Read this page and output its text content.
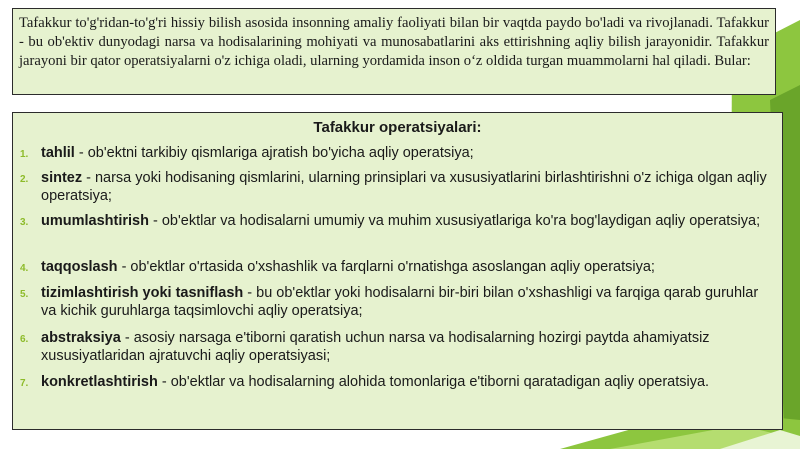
Tafakkur to'g'ridan-to'g'ri hissiy bilish asosida insonning amaliy faoliyati bilan bir vaqtda paydo bo'ladi va rivojlanadi. Tafakkur - bu ob'ektiv dunyodagi narsa va hodisalarining mohiyati va munosabatlarini aks ettirishning aqliy bilish jarayonidir. Tafakkur jarayoni bir qator operatsiyalarni o'z ichiga oladi, ularning yordamida inson o‘z oldida turgan muammolarni hal qiladi. Bular:
Tafakkur operatsiyalari:
1. tahlil - ob'ektni tarkibiy qismlariga ajratish bo'yicha aqliy operatsiya;
2. sintez - narsa yoki hodisaning qismlarini, ularning prinsiplari va xususiyatlarini birlashtirishni o'z ichiga olgan aqliy operatsiya;
3. umumlashtirish - ob'ektlar va hodisalarni umumiy va muhim xususiyatlariga ko'ra bog'laydigan aqliy operatsiya;
4. taqqoslash - ob'ektlar o'rtasida o'xshashlik va farqlarni o'rnatishga asoslangan aqliy operatsiya;
5. tizimlashtirish yoki tasniflash - bu ob'ektlar yoki hodisalarni bir-biri bilan o'xshashligi va farqiga qarab guruhlar va kichik guruhlarga taqsimlovchi aqliy operatsiya;
6. abstraksiya - asosiy narsaga e'tiborni qaratish uchun narsa va hodisalarning hozirgi paytda ahamiyatsiz xususiyatlaridan ajratuvchi aqliy operatsiyasi;
7. konkretlashtirish - ob'ektlar va hodisalarning alohida tomonlariga e'tiborni qaratadigan aqliy operatsiya.
